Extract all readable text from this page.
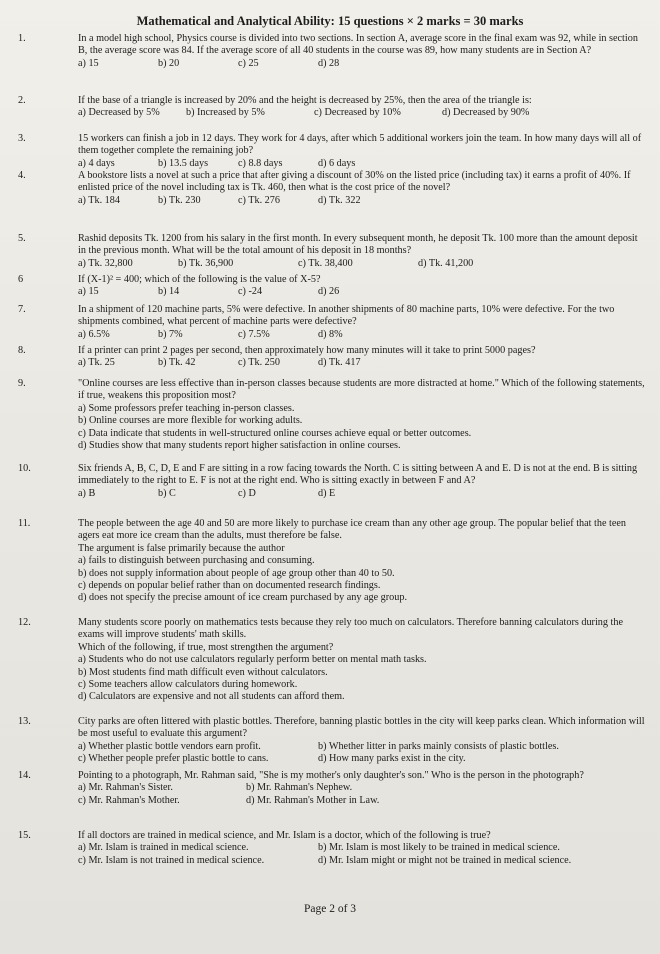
Mathematical and Analytical Ability: 15 questions × 2 marks = 30 marks
1.	In a model high school, Physics course is divided into two sections. In section A, average score in the final exam was 92, while in section B, the average score was 84. If the average score of all 40 students in the course was 89, how many students are in Section A?
a) 15	b) 20	c) 25	d) 28
2.	If the base of a triangle is increased by 20% and the height is decreased by 25%, then the area of the triangle is:
a) Decreased by 5%	b) Increased by 5%	c) Decreased by 10%	d) Decreased by 90%
3.	15 workers can finish a job in 12 days. They work for 4 days, after which 5 additional workers join the team. In how many days will all of them together complete the remaining job?
a) 4 days	b) 13.5 days	c) 8.8 days	d) 6 days
4.	A bookstore lists a novel at such a price that after giving a discount of 30% on the listed price (including tax) it earns a profit of 40%. If enlisted price of the novel including tax is Tk. 460, then what is the cost price of the novel?
a) Tk. 184	b) Tk. 230	c) Tk. 276	d) Tk. 322
5.	Rashid deposits Tk. 1200 from his salary in the first month. In every subsequent month, he deposit Tk. 100 more than the amount deposit in the previous month. What will be the total amount of his deposit in 18 months?
a) Tk. 32,800	b) Tk. 36,900	c) Tk. 38,400	d) Tk. 41,200
6	If (X-1)² = 400; which of the following is the value of X-5?
a) 15	b) 14	c) -24	d) 26
7.	In a shipment of 120 machine parts, 5% were defective. In another shipments of 80 machine parts, 10% were defective. For the two shipments combined, what percent of machine parts were defective?
a) 6.5%	b) 7%	c) 7.5%	d) 8%
8.	If a printer can print 2 pages per second, then approximately how many minutes will it take to print 5000 pages?
a) Tk. 25	b) Tk. 42	c) Tk. 250	d) Tk. 417
9.	"Online courses are less effective than in-person classes because students are more distracted at home." Which of the following statements, if true, weakens this proposition most?
a) Some professors prefer teaching in-person classes.
b) Online courses are more flexible for working adults.
c) Data indicate that students in well-structured online courses achieve equal or better outcomes.
d) Studies show that many students report higher satisfaction in online courses.
10.	Six friends A, B, C, D, E and F are sitting in a row facing towards the North. C is sitting between A and E. D is not at the end. B is sitting immediately to the right to E. F is not at the right end. Who is sitting exactly in between F and A?
a) B	b) C	c) D	d) E
11.	The people between the age 40 and 50 are more likely to purchase ice cream than any other age group. The popular belief that the teen agers eat more ice cream than the adults, must therefore be false.
The argument is false primarily because the author
a) fails to distinguish between purchasing and consuming.
b) does not supply information about people of age group other than 40 to 50.
c) depends on popular belief rather than on documented research findings.
d) does not specify the precise amount of ice cream purchased by any age group.
12.	Many students score poorly on mathematics tests because they rely too much on calculators. Therefore banning calculators during the exams will improve students' math skills.
Which of the following, if true, most strengthen the argument?
a) Students who do not use calculators regularly perform better on mental math tasks.
b) Most students find math difficult even without calculators.
c) Some teachers allow calculators during homework.
d) Calculators are expensive and not all students can afford them.
13.	City parks are often littered with plastic bottles. Therefore, banning plastic bottles in the city will keep parks clean. Which information will be most useful to evaluate this argument?
a) Whether plastic bottle vendors earn profit.	b) Whether litter in parks mainly consists of plastic bottles.
c) Whether people prefer plastic bottle to cans.	d) How many parks exist in the city.
14.	Pointing to a photograph, Mr. Rahman said, "She is my mother's only daughter's son." Who is the person in the photograph?
a) Mr. Rahman's Sister.	b) Mr. Rahman's Nephew.
c) Mr. Rahman's Mother.	d) Mr. Rahman's Mother in Law.
15.	If all doctors are trained in medical science, and Mr. Islam is a doctor, which of the following is true?
a) Mr. Islam is trained in medical science.	b) Mr. Islam is most likely to be trained in medical science.
c) Mr. Islam is not trained in medical science.	d) Mr. Islam might or might not be trained in medical science.
Page 2 of 3
